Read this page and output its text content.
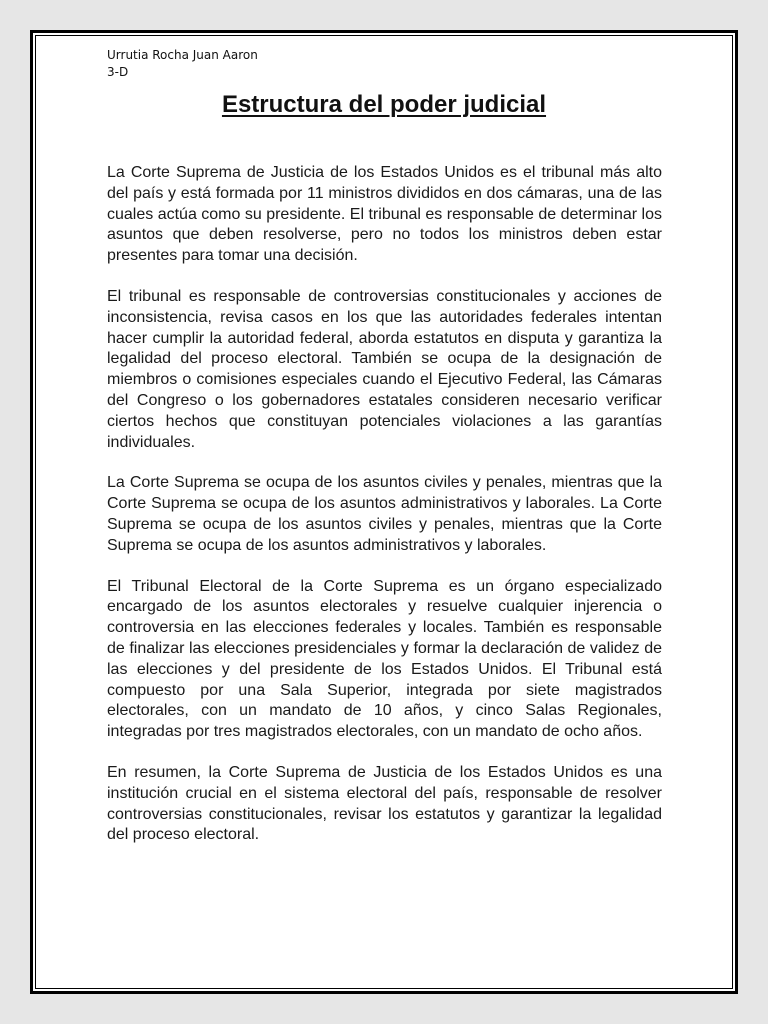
Urrutia Rocha Juan Aaron
3-D
Estructura del poder judicial

La Corte Suprema de Justicia de los Estados Unidos es el tribunal más alto del país y está formada por 11 ministros divididos en dos cámaras, una de las cuales actúa como su presidente. El tribunal es responsable de determinar los asuntos que deben resolverse, pero no todos los ministros deben estar presentes para tomar una decisión.

El tribunal es responsable de controversias constitucionales y acciones de inconsistencia, revisa casos en los que las autoridades federales intentan hacer cumplir la autoridad federal, aborda estatutos en disputa y garantiza la legalidad del proceso electoral. También se ocupa de la designación de miembros o comisiones especiales cuando el Ejecutivo Federal, las Cámaras del Congreso o los gobernadores estatales consideren necesario verificar ciertos hechos que constituyan potenciales violaciones a las garantías individuales.

La Corte Suprema se ocupa de los asuntos civiles y penales, mientras que la Corte Suprema se ocupa de los asuntos administrativos y laborales. La Corte Suprema se ocupa de los asuntos civiles y penales, mientras que la Corte Suprema se ocupa de los asuntos administrativos y laborales.

El Tribunal Electoral de la Corte Suprema es un órgano especializado encargado de los asuntos electorales y resuelve cualquier injerencia o controversia en las elecciones federales y locales. También es responsable de finalizar las elecciones presidenciales y formar la declaración de validez de las elecciones y del presidente de los Estados Unidos. El Tribunal está compuesto por una Sala Superior, integrada por siete magistrados electorales, con un mandato de 10 años, y cinco Salas Regionales, integradas por tres magistrados electorales, con un mandato de ocho años.

En resumen, la Corte Suprema de Justicia de los Estados Unidos es una institución crucial en el sistema electoral del país, responsable de resolver controversias constitucionales, revisar los estatutos y garantizar la legalidad del proceso electoral.
